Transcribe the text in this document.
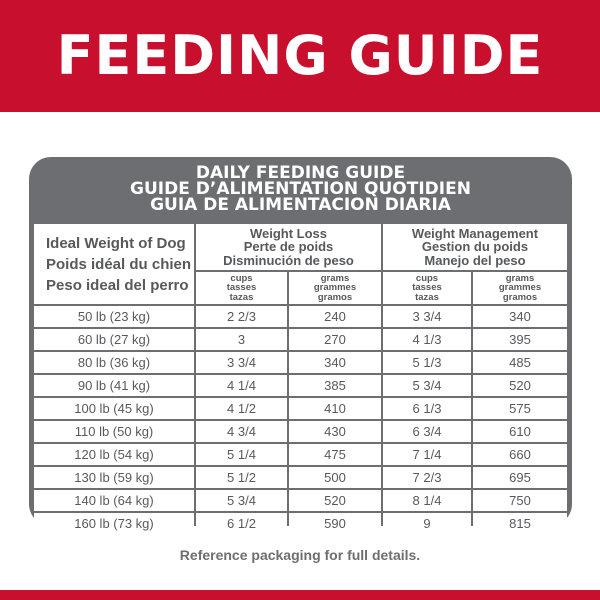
FEEDING GUIDE
DAILY FEEDING GUIDE
GUIDE D’ALIMENTATION QUOTIDIEN
GUIA DE ALIMENTACION DIARIA
Ideal Weight of Dog
Poids idéal du chien
Peso ideal del perro
Weight Loss
Perte de poids
Disminución de peso
Weight Management
Gestion du poids
Manejo del peso
cups
tasses
tazas
grams
grammes
gramos
cups
tasses
tazas
grams
grammes
gramos
50 lb (23 kg)	2 2/3	240	3 3/4	340
60 lb (27 kg)	3	270	4 1/3	395
80 lb (36 kg)	3 3/4	340	5 1/3	485
90 lb (41 kg)	4 1/4	385	5 3/4	520
100 lb (45 kg)	4 1/2	410	6 1/3	575
110 lb (50 kg)	4 3/4	430	6 3/4	610
120 lb (54 kg)	5 1/4	475	7 1/4	660
130 lb (59 kg)	5 1/2	500	7 2/3	695
140 lb (64 kg)	5 3/4	520	8 1/4	750
160 lb (73 kg)	6 1/2	590	9	815
Reference packaging for full details.
